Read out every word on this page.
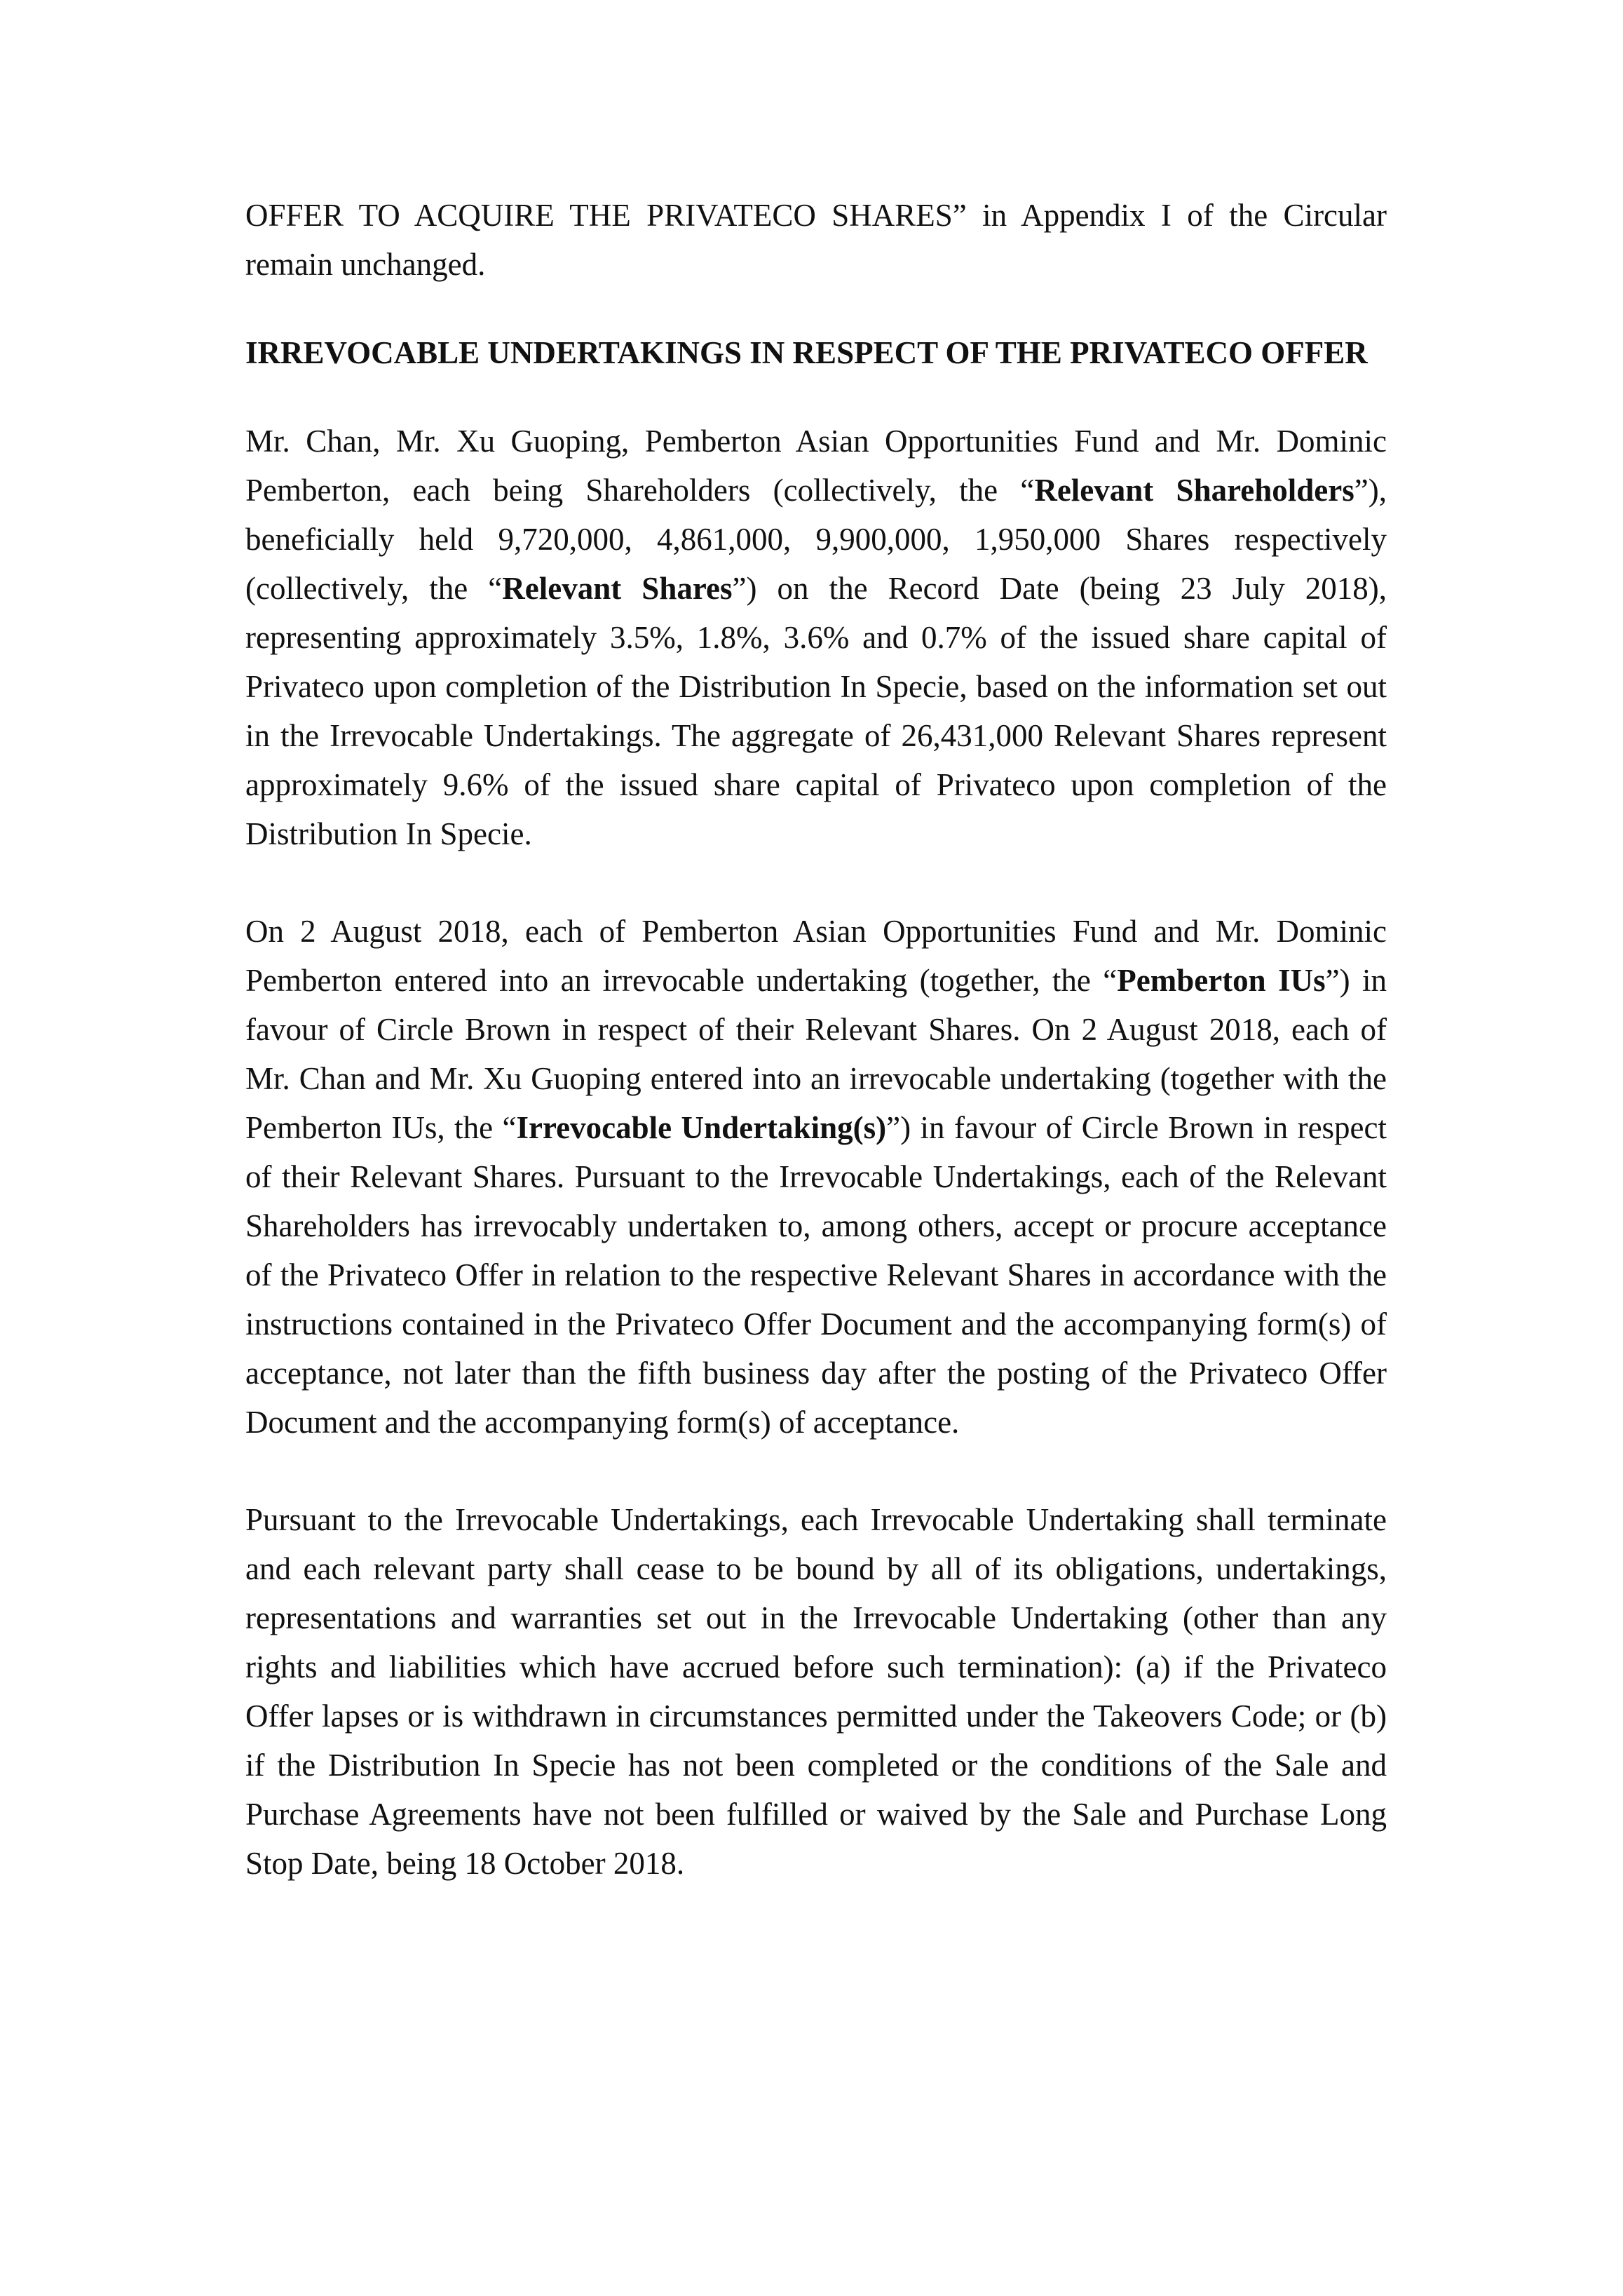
OFFER TO ACQUIRE THE PRIVATECO SHARES” in Appendix I of the Circular remain unchanged.

IRREVOCABLE UNDERTAKINGS IN RESPECT OF THE PRIVATECO OFFER

Mr. Chan, Mr. Xu Guoping, Pemberton Asian Opportunities Fund and Mr. Dominic Pemberton, each being Shareholders (collectively, the “Relevant Shareholders”), beneficially held 9,720,000, 4,861,000, 9,900,000, 1,950,000 Shares respectively (collectively, the “Relevant Shares”) on the Record Date (being 23 July 2018), representing approximately 3.5%, 1.8%, 3.6% and 0.7% of the issued share capital of Privateco upon completion of the Distribution In Specie, based on the information set out in the Irrevocable Undertakings. The aggregate of 26,431,000 Relevant Shares represent approximately 9.6% of the issued share capital of Privateco upon completion of the Distribution In Specie.

On 2 August 2018, each of Pemberton Asian Opportunities Fund and Mr. Dominic Pemberton entered into an irrevocable undertaking (together, the “Pemberton IUs”) in favour of Circle Brown in respect of their Relevant Shares. On 2 August 2018, each of Mr. Chan and Mr. Xu Guoping entered into an irrevocable undertaking (together with the Pemberton IUs, the “Irrevocable Undertaking(s)”) in favour of Circle Brown in respect of their Relevant Shares. Pursuant to the Irrevocable Undertakings, each of the Relevant Shareholders has irrevocably undertaken to, among others, accept or procure acceptance of the Privateco Offer in relation to the respective Relevant Shares in accordance with the instructions contained in the Privateco Offer Document and the accompanying form(s) of acceptance, not later than the fifth business day after the posting of the Privateco Offer Document and the accompanying form(s) of acceptance.

Pursuant to the Irrevocable Undertakings, each Irrevocable Undertaking shall terminate and each relevant party shall cease to be bound by all of its obligations, undertakings, representations and warranties set out in the Irrevocable Undertaking (other than any rights and liabilities which have accrued before such termination): (a) if the Privateco Offer lapses or is withdrawn in circumstances permitted under the Takeovers Code; or (b) if the Distribution In Specie has not been completed or the conditions of the Sale and Purchase Agreements have not been fulfilled or waived by the Sale and Purchase Long Stop Date, being 18 October 2018.
